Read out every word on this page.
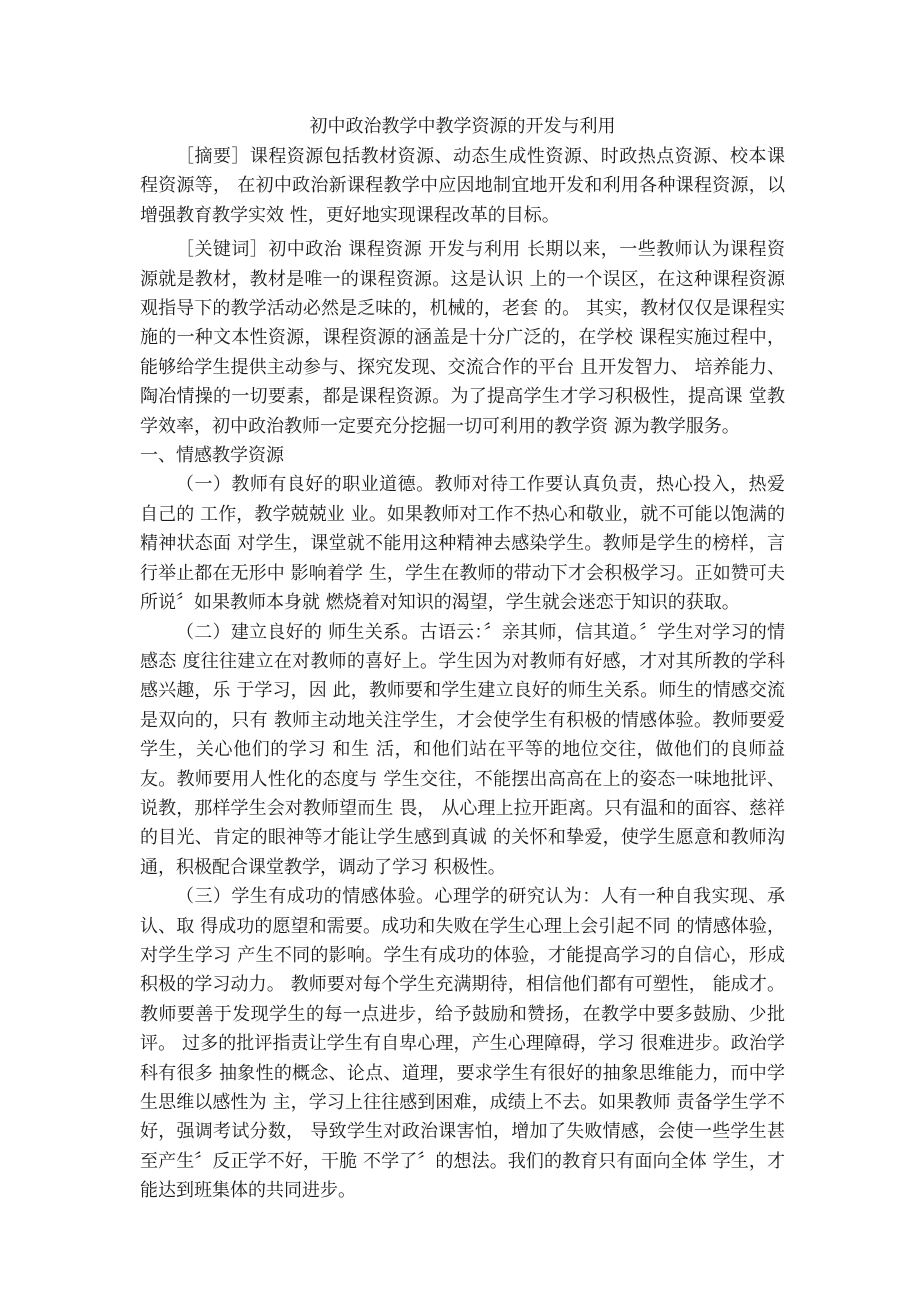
初中政治教学中教学资源的开发与利用

［摘要］课程资源包括教材资源、动态生成性资源、时政热点资源、校本课程资源等， 在初中政治新课程教学中应因地制宜地开发和利用各种课程资源，以增强教育教学实效 性，更好地实现课程改革的目标。

［关键词］初中政治 课程资源 开发与利用 长期以来，一些教师认为课程资源就是教材，教材是唯一的课程资源。这是认识 上的一个误区，在这种课程资源观指导下的教学活动必然是乏味的，机械的，老套 的。 其实，教材仅仅是课程实施的一种文本性资源，课程资源的涵盖是十分广泛的，在学校 课程实施过程中，能够给学生提供主动参与、探究发现、交流合作的平台 且开发智力、 培养能力、陶冶情操的一切要素，都是课程资源。为了提高学生才学习积极性，提高课 堂教学效率，初中政治教师一定要充分挖掘一切可利用的教学资 源为教学服务。

一、情感教学资源

（一）教师有良好的职业道德。教师对待工作要认真负责，热心投入，热爱自己的 工作，教学兢兢业 业。如果教师对工作不热心和敬业，就不可能以饱满的精神状态面 对学生，课堂就不能用这种精神去感染学生。教师是学生的榜样，言行举止都在无形中 影响着学 生，学生在教师的带动下才会积极学习。正如赞可夫所说〞如果教师本身就 燃烧着对知识的渴望，学生就会迷恋于知识的获取。

（二）建立良好的 师生关系。古语云：〞亲其师，信其道。〞学生对学习的情感态 度往往建立在对教师的喜好上。学生因为对教师有好感，才对其所教的学科感兴趣，乐 于学习，因 此，教师要和学生建立良好的师生关系。师生的情感交流是双向的，只有 教师主动地关注学生，才会使学生有积极的情感体验。教师要爱学生，关心他们的学习 和生 活，和他们站在平等的地位交往，做他们的良师益友。教师要用人性化的态度与 学生交往，不能摆出高高在上的姿态一味地批评、说教，那样学生会对教师望而生 畏， 从心理上拉开距离。只有温和的面容、慈祥的目光、肯定的眼神等才能让学生感到真诚 的关怀和挚爱，使学生愿意和教师沟通，积极配合课堂教学，调动了学习 积极性。

（三）学生有成功的情感体验。心理学的研究认为：人有一种自我实现、承认、取 得成功的愿望和需要。成功和失败在学生心理上会引起不同 的情感体验，对学生学习 产生不同的影响。学生有成功的体验，才能提高学习的自信心，形成积极的学习动力。 教师要对每个学生充满期待，相信他们都有可塑性， 能成才。教师要善于发现学生的每一点进步，给予鼓励和赞扬，在教学中要多鼓励、少批评。 过多的批评指责让学生有自卑心理，产生心理障碍，学习 很难进步。政治学科有很多 抽象性的概念、论点、道理，要求学生有很好的抽象思维能力，而中学生思维以感性为 主，学习上往往感到困难，成绩上不去。如果教师 责备学生学不好，强调考试分数， 导致学生对政治课害怕，增加了失败情感，会使一些学生甚至产生〞反正学不好，干脆 不学了〞的想法。我们的教育只有面向全体 学生，才能达到班集体的共同进步。
